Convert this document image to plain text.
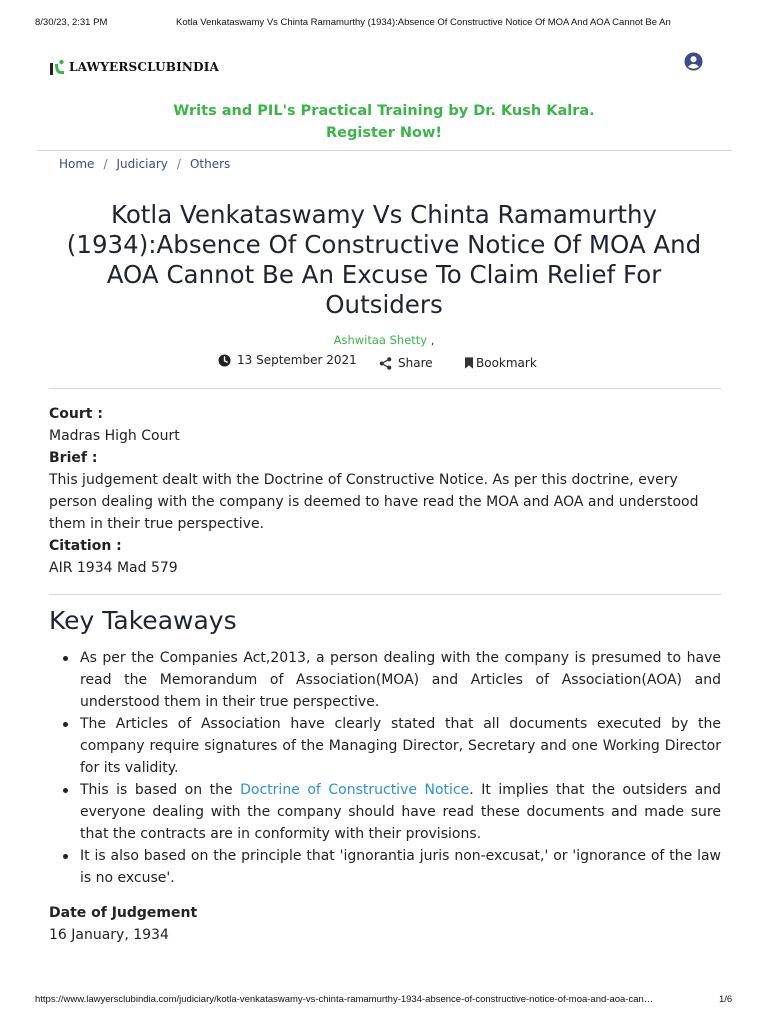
8/30/23, 2:31 PM	Kotla Venkataswamy Vs Chinta Ramamurthy (1934):Absence Of Constructive Notice Of MOA And AOA Cannot Be An
LAWYERSCLUBINDIA
Writs and PIL's Practical Training by Dr. Kush Kalra.
Register Now!
Home / Judiciary / Others
Kotla Venkataswamy Vs Chinta Ramamurthy (1934):Absence Of Constructive Notice Of MOA And AOA Cannot Be An Excuse To Claim Relief For Outsiders
Ashwitaa Shetty ,
13 September 2021	Share	Bookmark
Court :
Madras High Court
Brief :
This judgement dealt with the Doctrine of Constructive Notice. As per this doctrine, every person dealing with the company is deemed to have read the MOA and AOA and understood them in their true perspective.
Citation :
AIR 1934 Mad 579
Key Takeaways
As per the Companies Act,2013, a person dealing with the company is presumed to have read the Memorandum of Association(MOA) and Articles of Association(AOA) and understood them in their true perspective.
The Articles of Association have clearly stated that all documents executed by the company require signatures of the Managing Director, Secretary and one Working Director for its validity.
This is based on the Doctrine of Constructive Notice. It implies that the outsiders and everyone dealing with the company should have read these documents and made sure that the contracts are in conformity with their provisions.
It is also based on the principle that 'ignorantia juris non-excusat,' or 'ignorance of the law is no excuse'.
Date of Judgement
16 January, 1934
https://www.lawyersclubindia.com/judiciary/kotla-venkataswamy-vs-chinta-ramamurthy-1934-absence-of-constructive-notice-of-moa-and-aoa-can…	1/6
